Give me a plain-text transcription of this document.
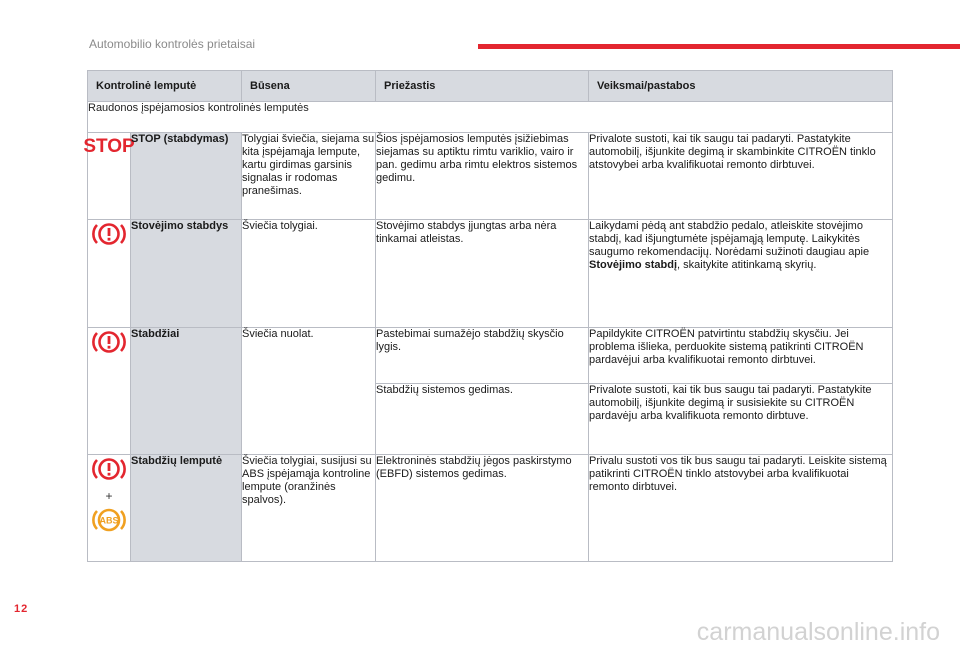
Automobilio kontrolės prietaisai
Kontrolinė lemputė		Būsena	Priežastis	Veiksmai/pastabos
Raudonos įspėjamosios kontrolinės lemputės				

STOP	STOP (stabdymas)	Tolygiai šviečia, siejama su kita įspėjamąja lempute, kartu girdimas garsinis signalas ir rodomas pranešimas.	Šios įspėjamosios lemputės įsižiebimas siejamas su aptiktu rimtu variklio, vairo ir pan. gedimu arba rimtu elektros sistemos gedimu.	Privalote sustoti, kai tik saugu tai padaryti. Pastatykite automobilį, išjunkite degimą ir skambinkite CITROËN tinklo atstovybei arba kvalifikuotai remonto dirbtuvei.
	Stovėjimo stabdys	Šviečia tolygiai.	Stovėjimo stabdys įjungtas arba nėra tinkamai atleistas.	Laikydami pėdą ant stabdžio pedalo, atleiskite stovėjimo stabdį, kad išjungtumėte įspėjamąją lemputę. Laikykitės saugumo rekomendacijų. Norėdami sužinoti daugiau apie Stovėjimo stabdį, skaitykite atitinkamą skyrių.
	Stabdžiai	Šviečia nuolat.	Pastebimai sumažėjo stabdžių skysčio lygis.	Papildykite CITROËN patvirtintu stabdžių skysčiu. Jei problema išlieka, perduokite sistemą patikrinti CITROËN pardavėjui arba kvalifikuotai remonto dirbtuvei.
			Stabdžių sistemos gedimas.	Privalote sustoti, kai tik bus saugu tai padaryti. Pastatykite automobilį, išjunkite degimą ir susisiekite su CITROËN pardavėju arba kvalifikuota remonto dirbtuve.

+
ABS	Stabdžių lemputė	Šviečia tolygiai, susijusi su ABS įspėjamąja kontroline lempute (oranžinės spalvos).	Elektroninės stabdžių jėgos paskirstymo (EBFD) sistemos gedimas.	Privalu sustoti vos tik bus saugu tai padaryti. Leiskite sistemą patikrinti CITROËN tinklo atstovybei arba kvalifikuotai remonto dirbtuvei.
12
carmanualsonline.info
